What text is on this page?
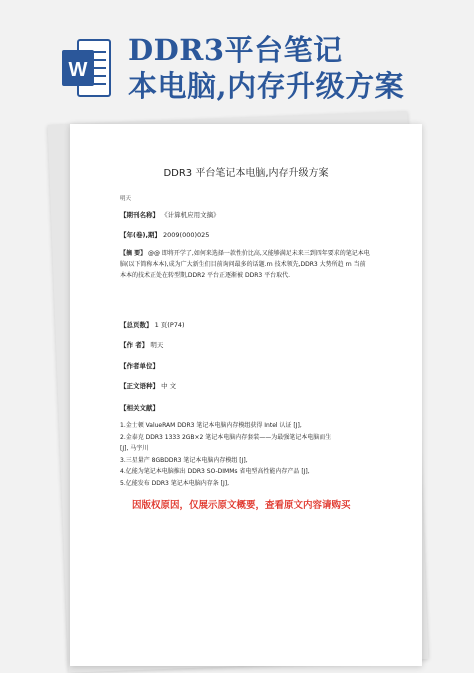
W
DDR3平台笔记
本电脑,内存升级方案
DDR3 平台笔记本电脑,内存升级方案
明天
【期刊名称】 《计算机应用文摘》
【年(卷),期】 2009(000)025
【摘 要】 @@ 即将开学了,如何来选择一款性价比高,又能够满足未来三到四年要求的笔记本电脑(以下简称本本),成为广大新生们目前询问最多的话题.rn 技术领先,DDR3 大势所趋 rn 当前本本的技术正处在转型期,DDR2 平台正逐渐被 DDR3 平台取代.
【总页数】 1 页(P74)
【作 者】 明天
【作者单位】
【正文语种】 中 文
【相关文献】
1.金士顿 ValueRAM DDR3 笔记本电脑内存模组获得 Intel 认证 [J],
2.金泰克 DDR3 1333 2GB×2 笔记本电脑内存套装——为最强笔记本电脑而生
[J], 马宇川
3.三星量产 8GBDDR3 笔记本电脑内存模组 [J],
4.亿能为笔记本电脑推出 DDR3 SO-DIMMs 省电型高性能内存产品 [J],
5.亿能发布 DDR3 笔记本电脑内存条 [J],
因版权原因，仅展示原文概要，查看原文内容请购买
